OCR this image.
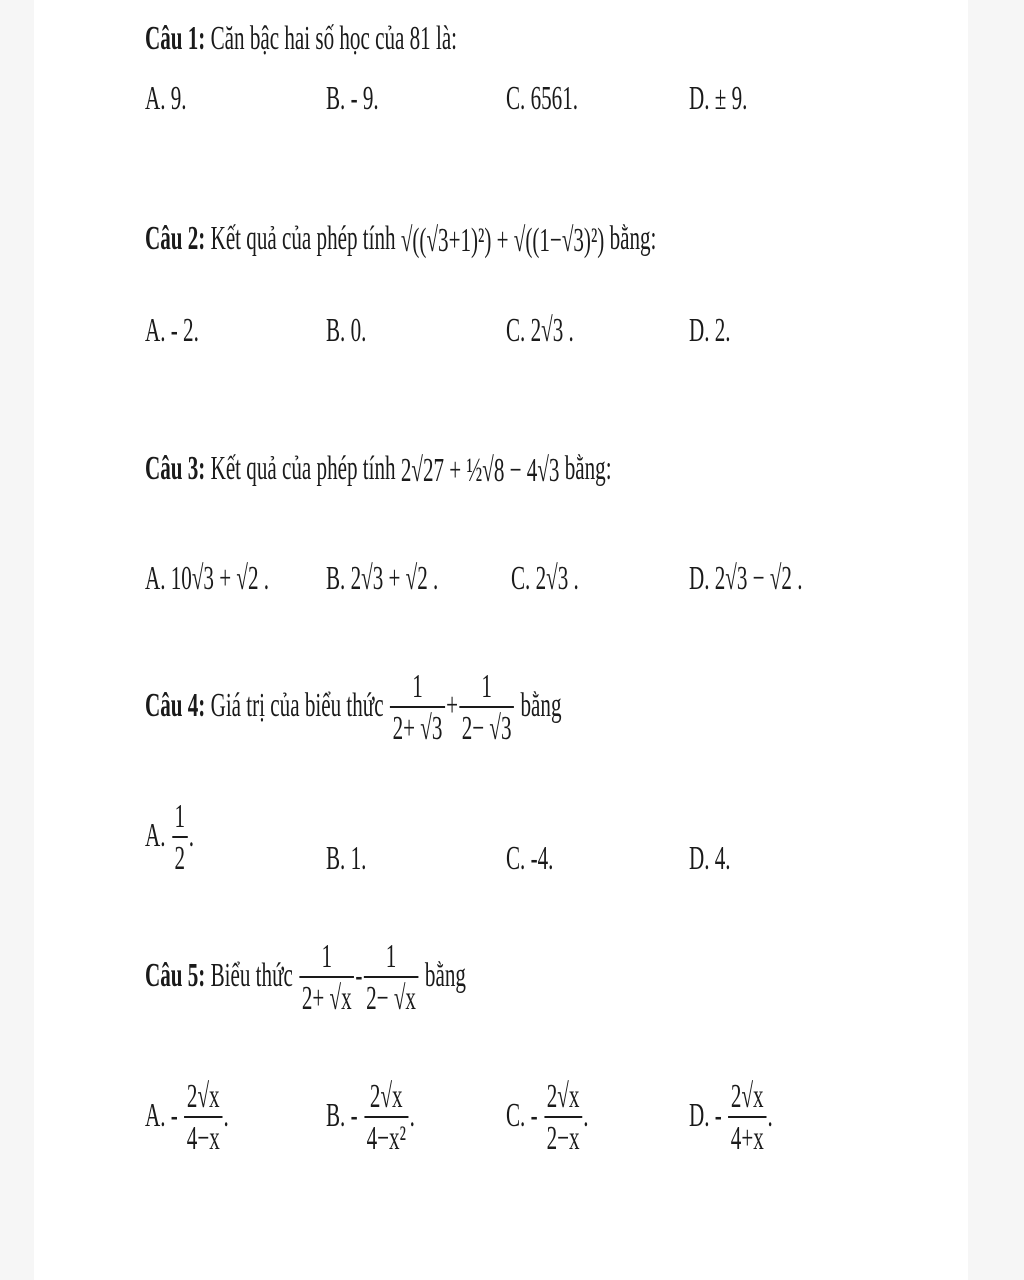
Câu 1: Căn bậc hai số học của 81 là:
A. 9.	B. - 9.	C. 6561.	D. ± 9.
Câu 2: Kết quả của phép tính √((√3+1)²) + √((1−√3)²) bằng:
A. - 2.	B. 0.	C. 2√3 .	D. 2.
Câu 3: Kết quả của phép tính 2√27 + ½√8 − 4√3 bằng:
A. 10√3 + √2 . B. 2√3 + √2 . C. 2√3 .	D. 2√3 − √2 .
Câu 4: Giá trị của biểu thức $\frac{1}{2+ √3} + \frac{1}{2- √3}$ bằng
A. $\frac{1}{2}$ .
B. 1.	C. -4.	D. 4.
Câu 5: Biểu thức $\frac{1}{2+ √x} - \frac{1}{2- √x}$ bằng
A. - $\frac{2√x}{4-x}$ .	B. - $\frac{2√x}{\text{4−x²}}$ .	C. - $\frac{2√x}{2-x}$ .	D. - $\frac{2√x}{4+x}$ .
